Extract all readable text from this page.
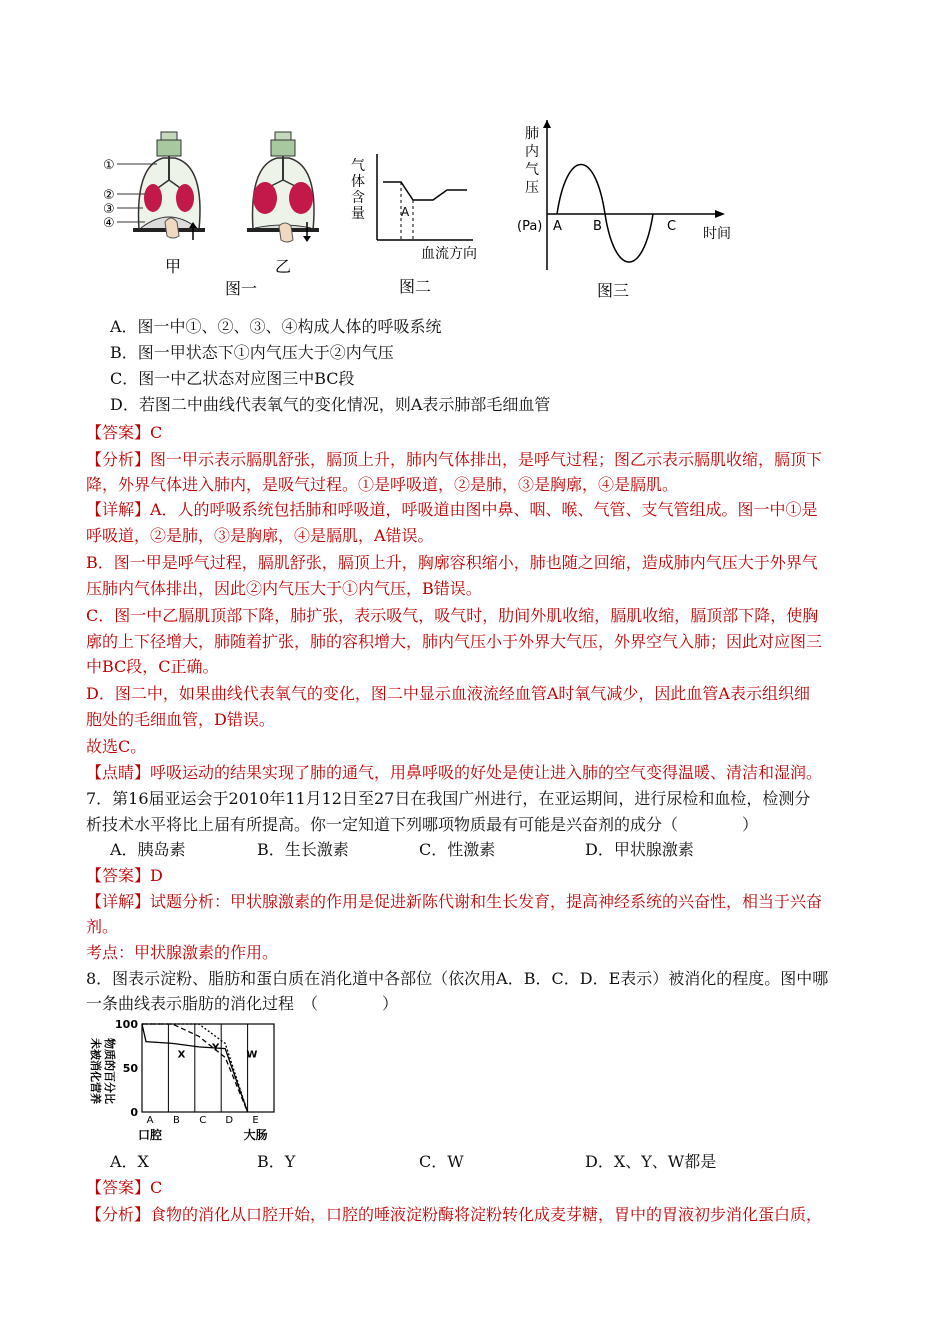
①
②
③
④
甲	乙
图一
气
体
含
量	A
血流方向
图二
肺
内
气
压
(Pa) A B	C 时间
图三
A．图一中①、②、③、④构成人体的呼吸系统
B．图一甲状态下①内气压大于②内气压
C．图一中乙状态对应图三中BC段
D．若图二中曲线代表氧气的变化情况，则A表示肺部毛细血管
【答案】C
【分析】图一甲示表示膈肌舒张，膈顶上升，肺内气体排出，是呼气过程；图乙示表示膈肌收缩，膈顶下
降，外界气体进入肺内，是吸气过程。①是呼吸道，②是肺，③是胸廓，④是膈肌。
【详解】A．人的呼吸系统包括肺和呼吸道，呼吸道由图中鼻、咽、喉、气管、支气管组成。图一中①是
呼吸道，②是肺，③是胸廓，④是膈肌，A错误。
B．图一甲是呼气过程，膈肌舒张，膈顶上升，胸廓容积缩小，肺也随之回缩，造成肺内气压大于外界气
压肺内气体排出，因此②内气压大于①内气压，B错误。
C．图一中乙膈肌顶部下降，肺扩张，表示吸气，吸气时，肋间外肌收缩，膈肌收缩，膈顶部下降，使胸
廓的上下径增大，肺随着扩张，肺的容积增大，肺内气压小于外界大气压，外界空气入肺；因此对应图三
中BC段，C正确。
D．图二中，如果曲线代表氧气的变化，图二中显示血液流经血管A时氧气减少，因此血管A表示组织细
胞处的毛细血管，D错误。
故选C。
【点睛】呼吸运动的结果实现了肺的通气，用鼻呼吸的好处是使让进入肺的空气变得温暖、清洁和湿润。
7．第16届亚运会于2010年11月12日至27日在我国广州进行，在亚运期间，进行尿检和血检，检测分
析技术水平将比上届有所提高。你一定知道下列哪项物质最有可能是兴奋剂的成分（　　　　）
A．胰岛素	B．生长激素	C．性激素	D．甲状腺激素
【答案】D
【详解】试题分析：甲状腺激素的作用是促进新陈代谢和生长发育，提高神经系统的兴奋性，相当于兴奋
剂。
考点：甲状腺激素的作用。
8．图表示淀粉、脂肪和蛋白质在消化道中各部位（依次用A．B．C．D．E表示）被消化的程度。图中哪
一条曲线表示脂肪的消化过程　（　　　　）
未被消化营养 物质的百分比
100
50
0
A
口腔
B C D E
大肠
X
Y
W
A．X	B．Y	C．W	D．X、Y、W都是
【答案】C
【分析】食物的消化从口腔开始，口腔的唾液淀粉酶将淀粉转化成麦芽糖，胃中的胃液初步消化蛋白质，
